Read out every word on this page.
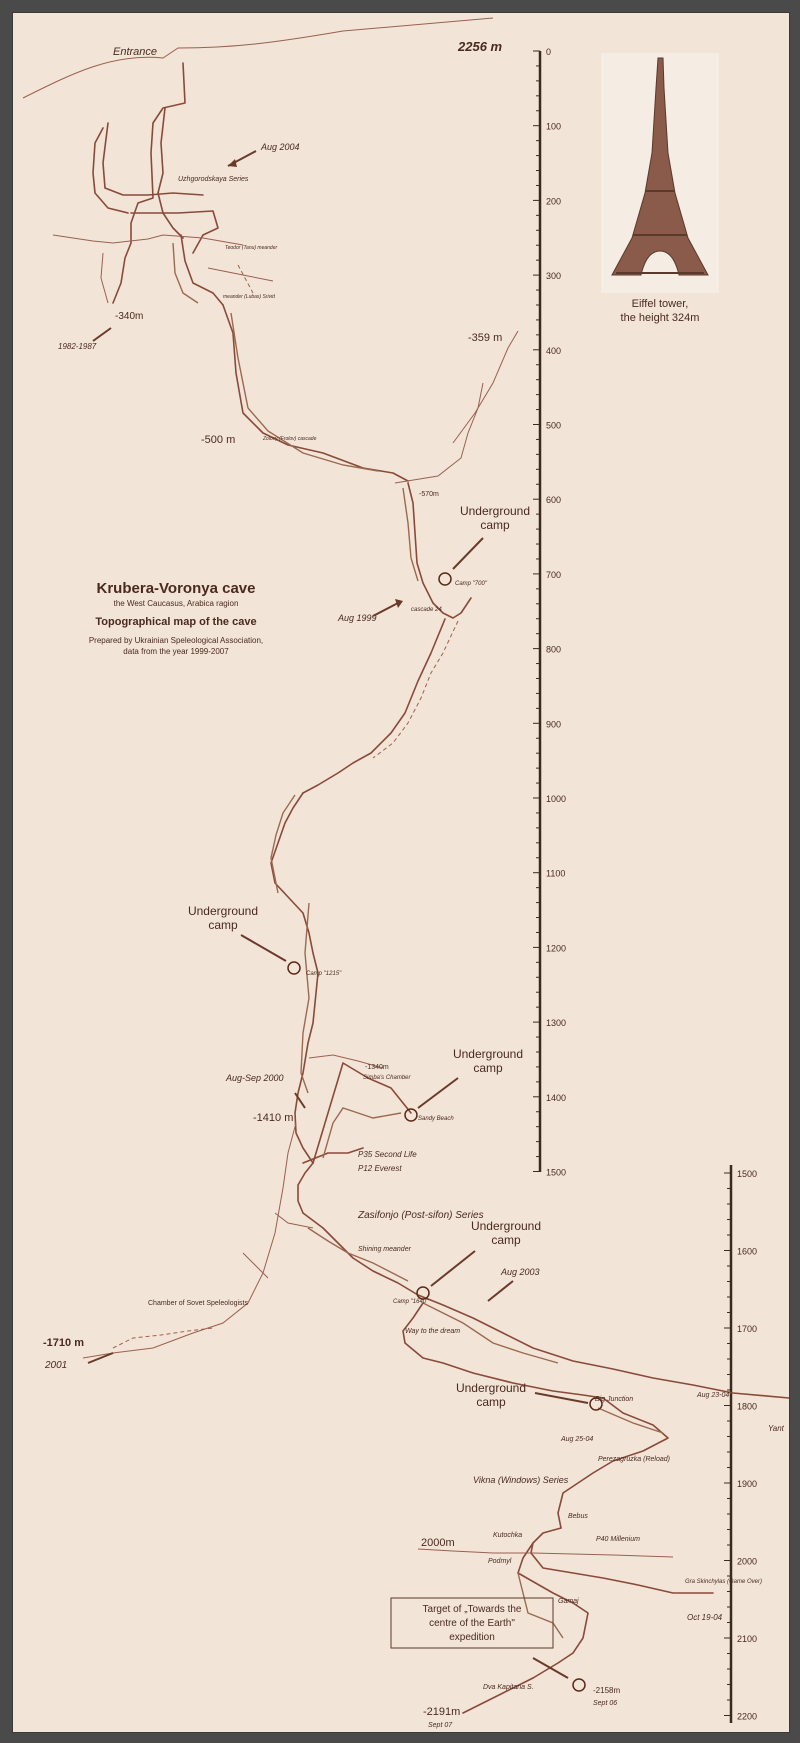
0
100
200
300
400
500
600
700
800
900
1000
1100
1200
1300
1400
1500
2256 m
1500
1600
1700
1800
1900
2000
2100
2200
Eiffel tower,
the height 324m
Krubera-Voronya cave
the West Caucasus, Arabica ragion
Topographical map of the cave
Prepared by Ukrainian Speleological Association,
data from the year 1999-2007
Entrance
Aug 2004
Uzhgorodskaya Series
Teodor (Tanu) meander
meander (Lubas) Srivid
-340m
1982-1987
-359 m
-500 m	Zolovy (Frolov) cascade
-570m
Aug 1999
Camp "700"
cascade 24
Camp "1215"
Aug-Sep 2000
-1410 m
-1340m
Simba's Chamber
Sandy Beach
P35 Second Life
P12 Everest
Chamber of Sovet Speleologists
-1710 m
2001
Zasifonjo (Post-sifon) Series
Shining meander
Aug 2003
Camp "1640"
Way to the dream
Big Junction
Aug 23-04
Aug 25-04
Perezagruzka (Reload)
Vikna (Windows) Series
Kutochka
Bebus
P40 Millenium
Podmyl
Gamaj
2000m
Gra Skinchylas (Game Over)
Oct 19-04
Dva Kapitana S.	-2158m
Sept 06
-2191m
Sept 07
Yant
Target of „Towards the
centre of the Earth"
expedition
Underground
camp
Underground
camp
Underground
camp
Underground
camp
Underground
camp
